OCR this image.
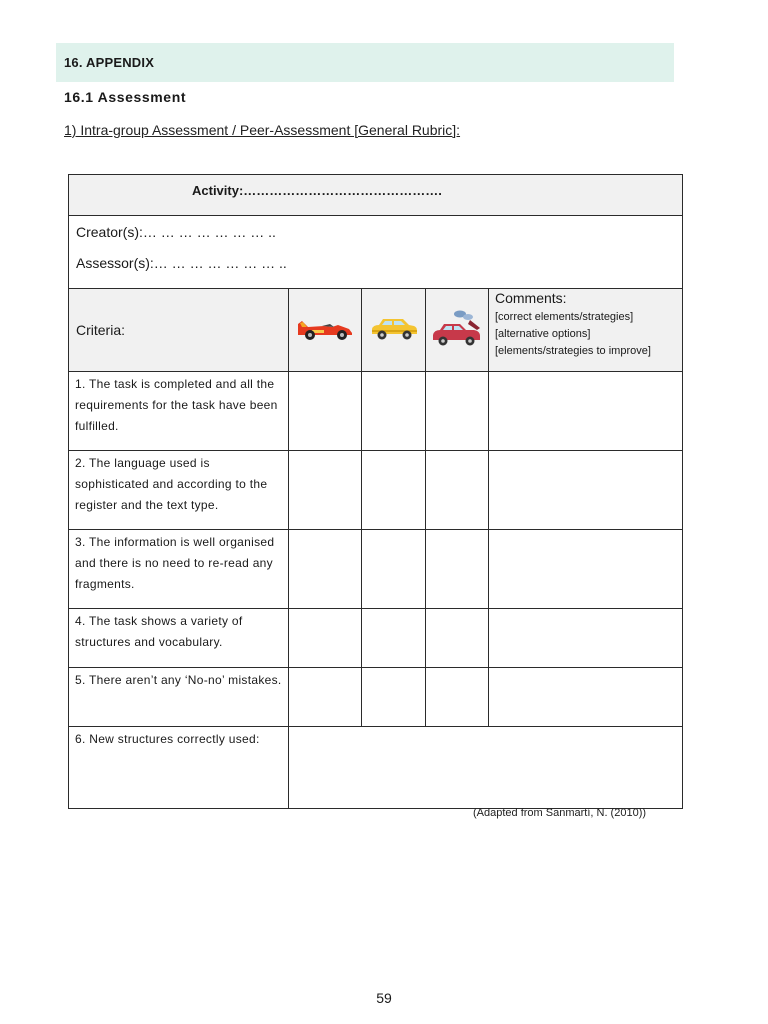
16. A PPENDIX
16.1 Assessment
1) Intra-group Assessment / Peer-Assessment [General Rubric]:
Activity:……………………………………….				

Creator(s):… … … … … … … ..
Assessor(s):… … … … … … … ..				

Criteria:				Comments:
[correct elements/strategies]
[alternative options]
[elements/strategies to improve]

1. The task is completed and all the requirements for the task have been fulfilled.				
2. The language used is sophisticated and according to the register and the text type.				
3. The information is well organised and there is no need to re-read any fragments.				
4. The task shows a variety of structures and vocabulary.				
5. There aren’t any ‘No-no’ mistakes.				
6. New structures correctly used:				
(Adapted from Sanmartí, N. (2010))
59
